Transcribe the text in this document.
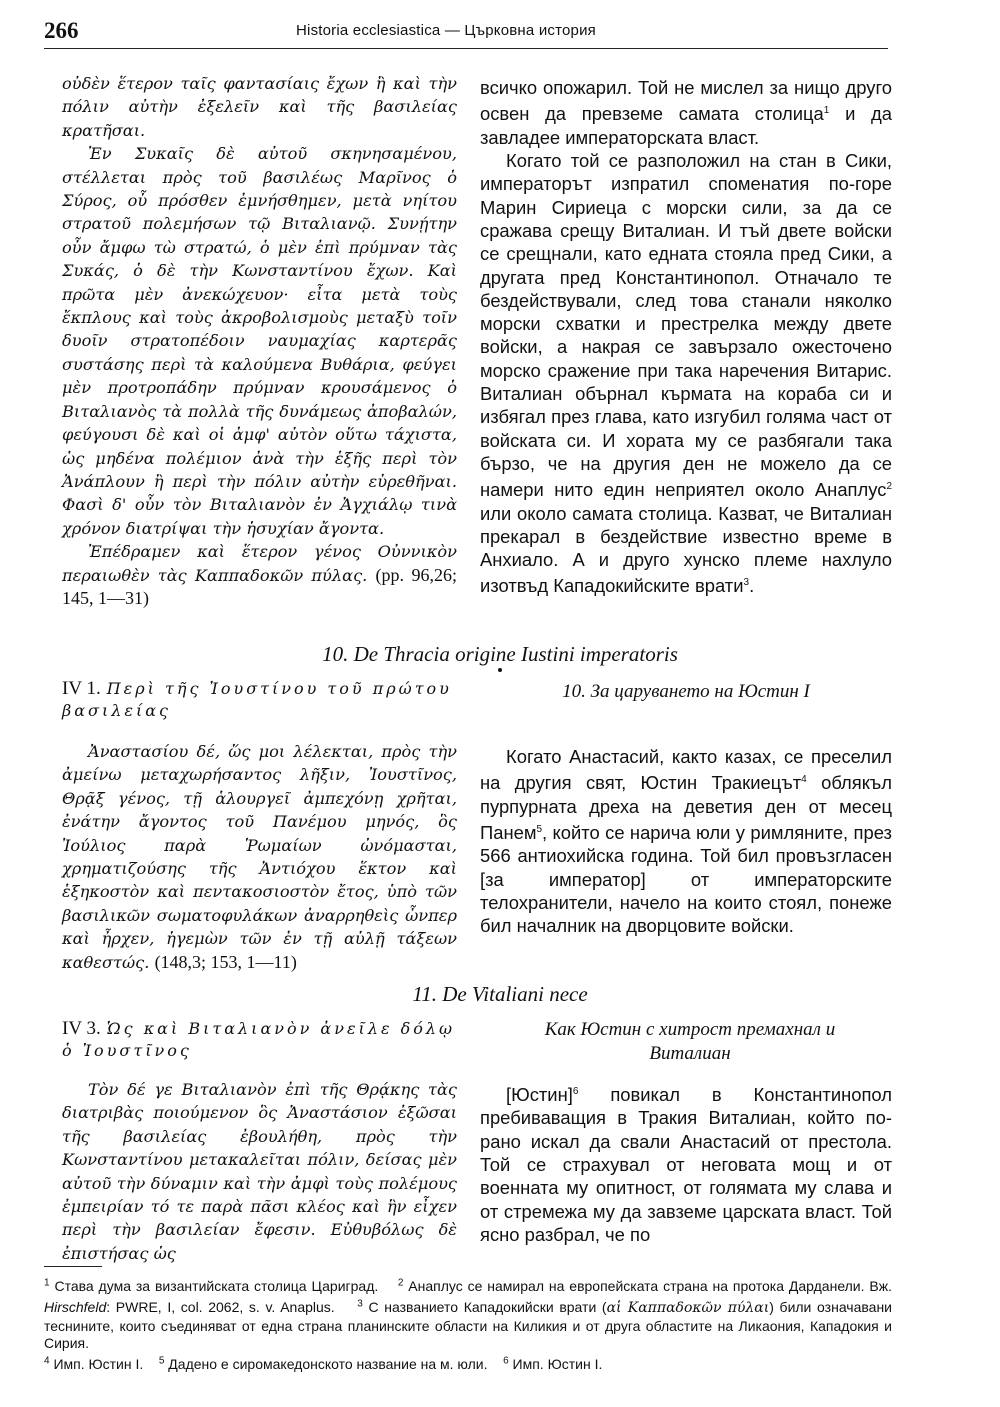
266	Historia ecclesiastica — Църковна история

οὐδὲν ἕτερον ταῖς φαντασίαις ἔχων ἢ καὶ τὴν πόλιν αὐτὴν ἐξελεῖν καὶ τῆς βασιλείας κρατῆσαι.

Ἐν Συκαῖς δὲ αὐτοῦ σκηνησαμένου, στέλλεται πρὸς τοῦ βασιλέως Μαρῖνος ὁ Σύρος, οὗ πρόσθεν ἐμνήσθημεν, μετὰ νηίτου στρατοῦ πολεμήσων τῷ Βιταλιανῷ. Συνῄτην οὖν ἄμφω τὼ στρατώ, ὁ μὲν ἐπὶ πρύμναν τὰς Συκάς, ὁ δὲ τὴν Κωνσταντίνου ἔχων. Καὶ πρῶτα μὲν ἀνεκώχευον· εἶτα μετὰ τοὺς ἔκπλους καὶ τοὺς ἀκροβολισμοὺς μεταξὺ τοῖν δυοῖν στρατοπέδοιν ναυμαχίας καρτερᾶς συστάσης περὶ τὰ καλούμενα Βυθάρια, φεύγει μὲν προτροπάδην πρύμναν κρουσάμενος ὁ Βιταλιανὸς τὰ πολλὰ τῆς δυνάμεως ἀποβαλών, φεύγουσι δὲ καὶ οἱ ἀμφ' αὐτὸν οὕτω τάχιστα, ὡς μηδένα πολέμιον ἀνὰ τὴν ἑξῆς περὶ τὸν Ἀνάπλουν ἢ περὶ τὴν πόλιν αὐτὴν εὑρεθῆναι. Φασὶ δ' οὖν τὸν Βιταλιανὸν ἐν Ἀγχιάλῳ τινὰ χρόνον διατρίψαι τὴν ἡσυχίαν ἄγοντα.

Ἐπέδραμεν καὶ ἕτερον γένος Οὐννικὸν περαιωθὲν τὰς Καππαδοκῶν πύλας. (pp. 96,26; 145, 1—31)

всичко опожарил. Той не мислел за нищо друго освен да превземе самата столица$^1$ и да завладее императорската власт.

Когато той се разположил на стан в Сики, императорът изпратил споменатия по-горе Марин Сириеца с морски сили, за да се сражава срещу Виталиан. И тъй двете войски се срещнали, като едната стояла пред Сики, а другата пред Константинопол. Отначало те бездействували, след това станали няколко морски схватки и престрелка между двете войски, а накрая се завързало ожесточено морско сражение при така наречения Витарис. Виталиан обърнал кърмата на кораба си и избягал през глава, като изгубил голяма част от войската си. И хората му се разбягали така бързо, че на другия ден не можело да се намери нито един неприятел около Анаплус$^2$ или около самата столица. Казват, че Виталиан прекарал в бездействие известно време в Анхиало. А и друго хунско племе нахлуло изотвъд Кападокийските врати$^3$.

10. De Thracia origine Iustini imperatoris
IV 1. Περὶ τῆς Ἰουστίνου τοῦ πρώτου βασιλείας
10. За царуването на Юстин I

Ἀναστασίου δέ, ὥς μοι λέλεκται, πρὸς τὴν ἀμείνω μεταχωρήσαντος λῆξιν, Ἰουστῖνος, Θρᾷξ γένος, τῇ ἁλουργεῖ ἀμπεχόνῃ χρῆται, ἐνάτην ἄγοντος τοῦ Πανέμου μηνός, ὃς Ἰούλιος παρὰ Ῥωμαίων ὠνόμασται, χρηματιζούσης τῆς Ἀντιόχου ἕκτον καὶ ἑξηκοστὸν καὶ πεντακοσιοστὸν ἔτος, ὑπὸ τῶν βασιλικῶν σωματοφυλάκων ἀναρρηθεὶς ὧνπερ καὶ ἦρχεν, ἡγεμὼν τῶν ἐν τῇ αὐλῇ τάξεων καθεστώς. (148,3; 153, 1—11)

Когато Анастасий, както казах, се преселил на другия свят, Юстин Тракиецът$^4$ облякъл пурпурната дреха на деветия ден от месец Панем$^5$, който се нарича юли у римляните, през 566 антиохийска година. Той бил провъзгласен [за император] от императорските телохранители, начело на които стоял, понеже бил началник на дворцовите войски.

11. De Vitaliani nece
IV 3. Ὡς καὶ Βιταλιανὸν ἀνεῖλε δόλῳ ὁ Ἰουστῖνος
Как Юстин с хитрост премахнал и Виталиан

Τὸν δέ γε Βιταλιανὸν ἐπὶ τῆς Θρᾴκης τὰς διατριβὰς ποιούμενον ὃς Ἀναστάσιον ἐξῶσαι τῆς βασιλείας ἐβουλήθη, πρὸς τὴν Κωνσταντίνου μετακαλεῖται πόλιν, δείσας μὲν αὐτοῦ τὴν δύναμιν καὶ τὴν ἀμφὶ τοὺς πολέμους ἐμπειρίαν τό τε παρὰ πᾶσι κλέος καὶ ἣν εἶχεν περὶ τὴν βασιλείαν ἔφεσιν. Εὐθυβόλως δὲ ἐπιστήσας ὡς

[Юстин]$^6$ повикал в Константинопол пребиваващия в Тракия Виталиан, който по-рано искал да свали Анастасий от престола. Той се страхувал от неговата мощ и от военната му опитност, от голямата му слава и от стремежа му да завземе царската власт. Той ясно разбрал, че по

$^1$ Става дума за византийската столица Цариград. $^2$ Анаплус се намирал на европейската страна на протока Дарданели. Вж. Hirschfeld: PWRE, I, col. 2062, s. v. Anaplus. $^3$ С названието Кападокийски врати (αἱ Καππαδοκῶν πύλαι) били означавани теснините, които съединяват от една страна планинските области на Киликия и от друга областите на Ликаония, Кападокия и Сирия.
$^4$ Имп. Юстин I. $^5$ Дадено е сиромакедонското название на м. юли. $^6$ Имп. Юстин I.
